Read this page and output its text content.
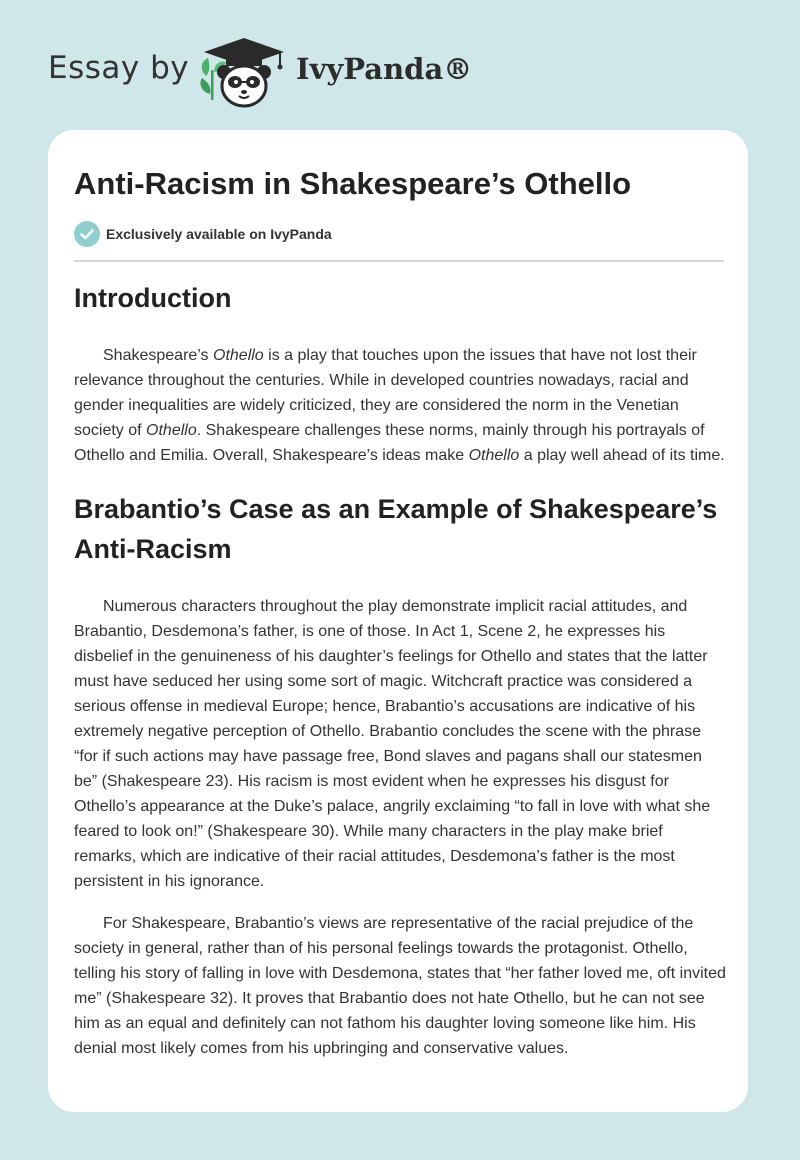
Essay by	IvyPanda®
Anti-Racism in Shakespeare’s Othello
Exclusively available on IvyPanda
Introduction

Shakespeare’s Othello is a play that touches upon the issues that have not lost their relevance throughout the centuries. While in developed countries nowadays, racial and gender inequalities are widely criticized, they are considered the norm in the Venetian society of Othello. Shakespeare challenges these norms, mainly through his portrayals of Othello and Emilia. Overall, Shakespeare’s ideas make Othello a play well ahead of its time.

Brabantio’s Case as an Example of Shakespeare’s Anti-Racism

Numerous characters throughout the play demonstrate implicit racial attitudes, and Brabantio, Desdemona’s father, is one of those. In Act 1, Scene 2, he expresses his disbelief in the genuineness of his daughter’s feelings for Othello and states that the latter must have seduced her using some sort of magic. Witchcraft practice was considered a serious offense in medieval Europe; hence, Brabantio’s accusations are indicative of his extremely negative perception of Othello. Brabantio concludes the scene with the phrase “for if such actions may have passage free, Bond slaves and pagans shall our statesmen be” (Shakespeare 23). His racism is most evident when he expresses his disgust for Othello’s appearance at the Duke’s palace, angrily exclaiming “to fall in love with what she feared to look on!” (Shakespeare 30). While many characters in the play make brief remarks, which are indicative of their racial attitudes, Desdemona’s father is the most persistent in his ignorance.

For Shakespeare, Brabantio’s views are representative of the racial prejudice of the society in general, rather than of his personal feelings towards the protagonist. Othello, telling his story of falling in love with Desdemona, states that “her father loved me, oft invited me” (Shakespeare 32). It proves that Brabantio does not hate Othello, but he can not see him as an equal and definitely can not fathom his daughter loving someone like him. His denial most likely comes from his upbringing and conservative values.
